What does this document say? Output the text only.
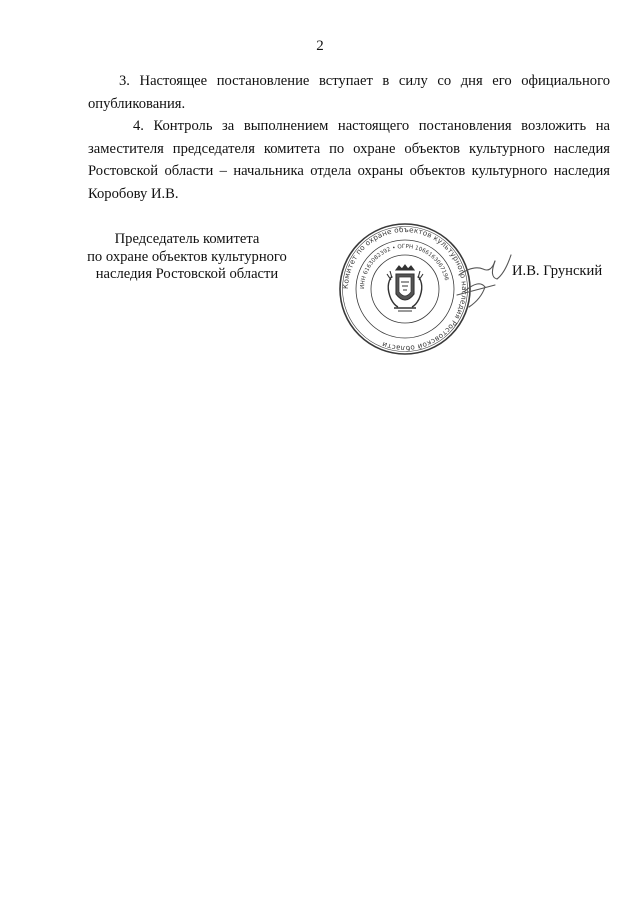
2

3. Настоящее постановление вступает в силу со дня его официального опубликования.

4. Контроль за выполнением настоящего постановления возложить на заместителя председателя комитета по охране объектов культурного наследия Ростовской области – начальника отдела охраны объектов культурного наследия Коробову И.В.

Председатель комитета
по охране объектов культурного
наследия Ростовской области
Комитет по охране объектов культурного наследия Ростовской области
ИНН 6163082392 • ОГРН 1066163067196	И.В. Грунский
